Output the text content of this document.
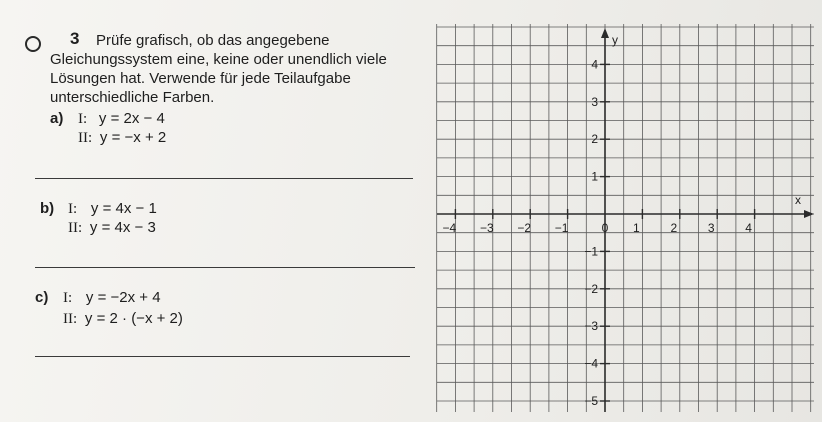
3	Prüfe grafisch, ob das angegebene
Gleichungssystem eine, keine oder unendlich viele
Lösungen hat. Verwende für jede Teilaufgabe
unterschiedliche Farben.
a) I: y = 2x − 4
II: y = −x + 2
b) I: y = 4x − 1
II: y = 4x − 3
c) I: y = −2x + 4
II: y = 2 · (−x + 2)
−4 −3 −2 −1	0 1	2	3	4
4
3
2
1
−1
−2
−3
−4
−5
x
y
